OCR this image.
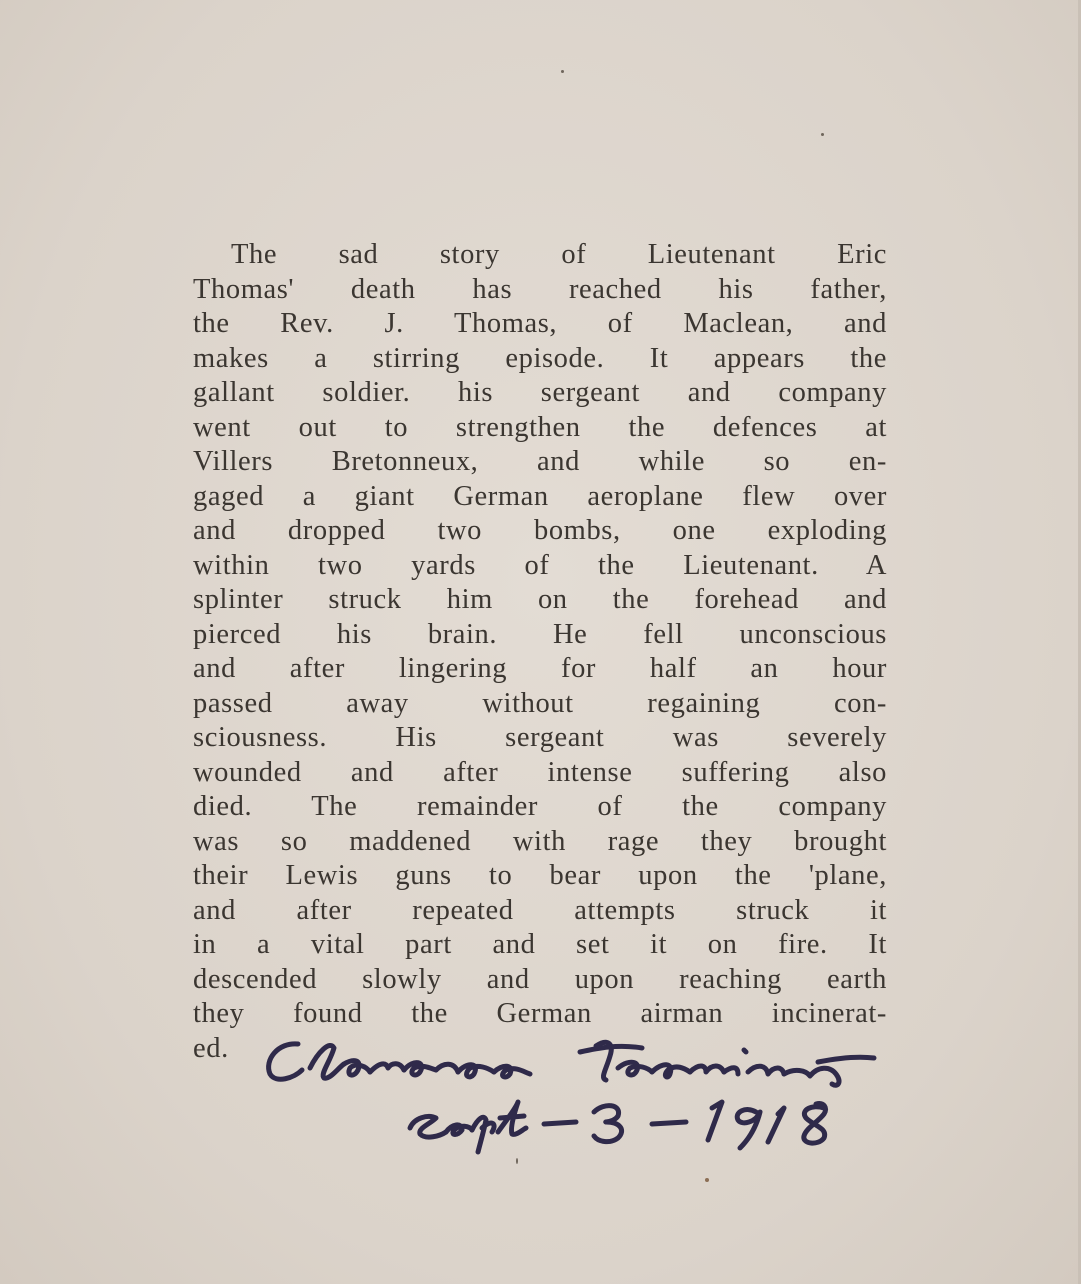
The sad story of Lieutenant Eric
Thomas' death has reached his father,
the Rev. J. Thomas, of Maclean, and
makes a stirring episode. It appears the
gallant soldier. his sergeant and company
went out to strengthen the defences at
Villers Bretonneux, and while so en-
gaged a giant German aeroplane flew over
and dropped two bombs, one exploding
within two yards of the Lieutenant. A
splinter struck him on the forehead and
pierced his brain. He fell unconscious
and after lingering for half an hour
passed away without regaining con-
sciousness. His sergeant was severely
wounded and after intense suffering also
died. The remainder of the company
was so maddened with rage they brought
their Lewis guns to bear upon the 'plane,
and after repeated attempts struck it
in a vital part and set it on fire. It
descended slowly and upon reaching earth
they found the German airman incinerat-
ed.
